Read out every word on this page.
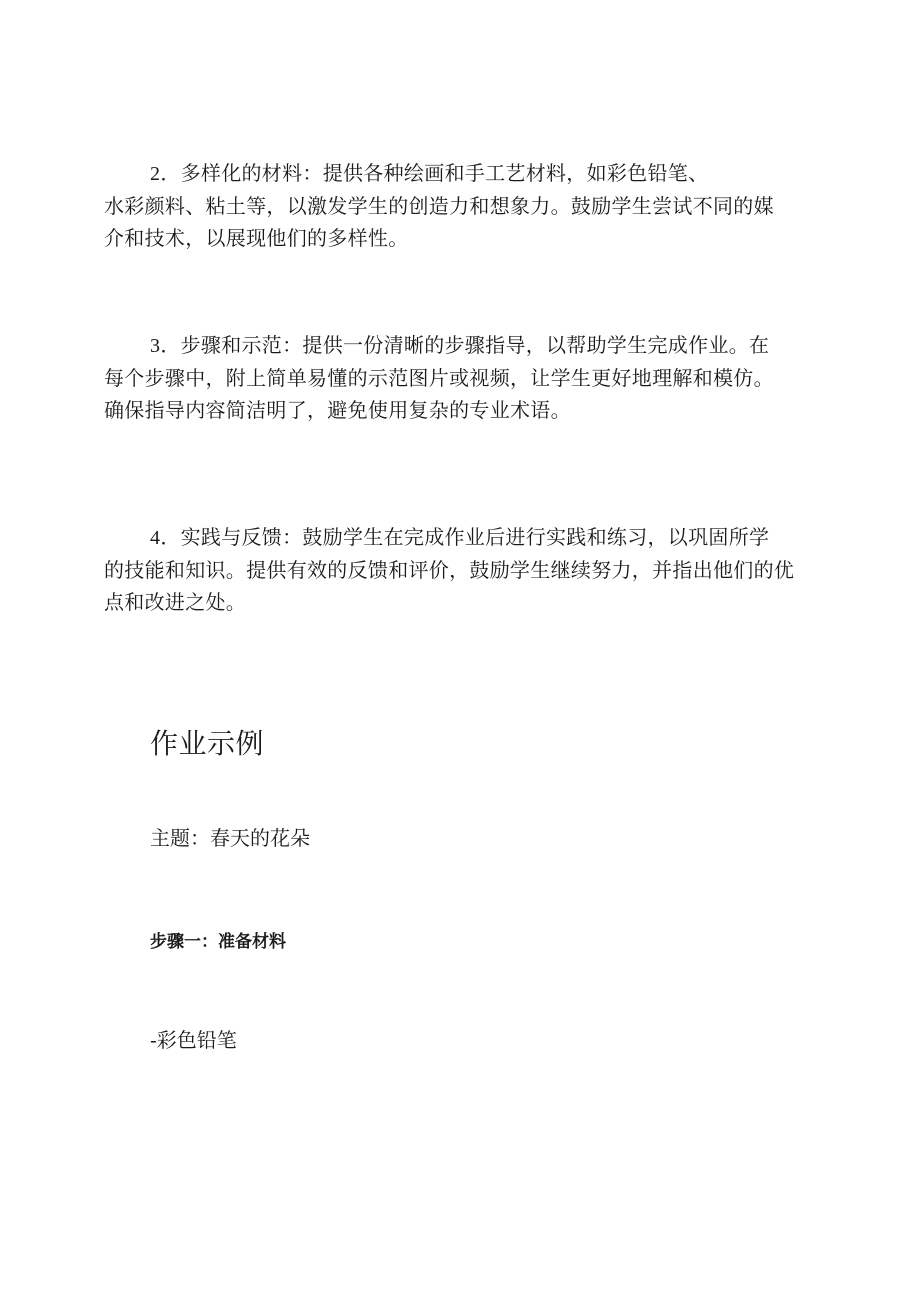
2．多样化的材料：提供各种绘画和手工艺材料，如彩色铅笔、
水彩颜料、粘土等，以激发学生的创造力和想象力。鼓励学生尝试不同的媒
介和技术，以展现他们的多样性。
3．步骤和示范：提供一份清晰的步骤指导，以帮助学生完成作业。在
每个步骤中，附上简单易懂的示范图片或视频，让学生更好地理解和模仿。
确保指导内容简洁明了，避免使用复杂的专业术语。
4．实践与反馈：鼓励学生在完成作业后进行实践和练习，以巩固所学
的技能和知识。提供有效的反馈和评价，鼓励学生继续努力，并指出他们的优
点和改进之处。
作业示例
主题：春天的花朵
步骤一：准备材料
-彩色铅笔
